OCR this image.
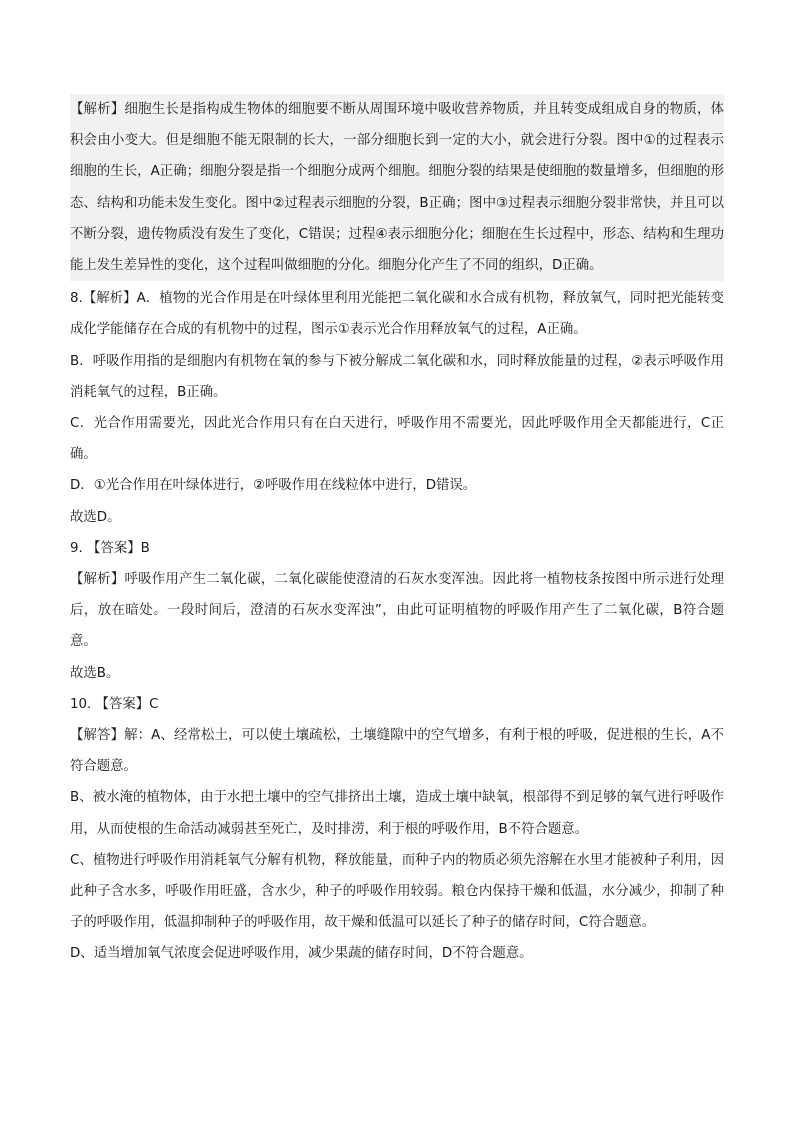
【解析】细胞生长是指构成生物体的细胞要不断从周围环境中吸收营养物质，并且转变成组成自身的物质，体积会由小变大。但是细胞不能无限制的长大，一部分细胞长到一定的大小，就会进行分裂。图中①的过程表示细胞的生长，A正确；细胞分裂是指一个细胞分成两个细胞。细胞分裂的结果是使细胞的数量增多，但细胞的形态、结构和功能未发生变化。图中②过程表示细胞的分裂，B正确；图中③过程表示细胞分裂非常快，并且可以不断分裂，遗传物质没有发生了变化，C错误；过程④表示细胞分化；细胞在生长过程中，形态、结构和生理功能上发生差异性的变化，这个过程叫做细胞的分化。细胞分化产生了不同的组织，D正确。

8.【解析】A．植物的光合作用是在叶绿体里利用光能把二氧化碳和水合成有机物，释放氧气，同时把光能转变成化学能储存在合成的有机物中的过程，图示①表示光合作用释放氧气的过程，A正确。

B．呼吸作用指的是细胞内有机物在氧的参与下被分解成二氧化碳和水，同时释放能量的过程，②表示呼吸作用消耗氧气的过程，B正确。

C．光合作用需要光，因此光合作用只有在白天进行，呼吸作用不需要光，因此呼吸作用全天都能进行，C正确。

D．①光合作用在叶绿体进行，②呼吸作用在线粒体中进行，D错误。

故选D。

9. 【答案】B

【解析】呼吸作用产生二氧化碳，二氧化碳能使澄清的石灰水变浑浊。因此将一植物枝条按图中所示进行处理后，放在暗处。一段时间后，澄清的石灰水变浑浊”，由此可证明植物的呼吸作用产生了二氧化碳，B符合题意。

故选B。

10. 【答案】C

【解答】解：A、经常松土，可以使土壤疏松，土壤缝隙中的空气增多，有利于根的呼吸，促进根的生长，A不符合题意。

B、被水淹的植物体，由于水把土壤中的空气排挤出土壤，造成土壤中缺氧，根部得不到足够的氧气进行呼吸作用，从而使根的生命活动减弱甚至死亡，及时排涝，利于根的呼吸作用，B不符合题意。

C、植物进行呼吸作用消耗氧气分解有机物，释放能量，而种子内的物质必须先溶解在水里才能被种子利用，因此种子含水多，呼吸作用旺盛，含水少，种子的呼吸作用较弱。粮仓内保持干燥和低温，水分减少，抑制了种子的呼吸作用，低温抑制种子的呼吸作用，故干燥和低温可以延长了种子的储存时间，C符合题意。

D、适当增加氧气浓度会促进呼吸作用，减少果蔬的储存时间，D不符合题意。
